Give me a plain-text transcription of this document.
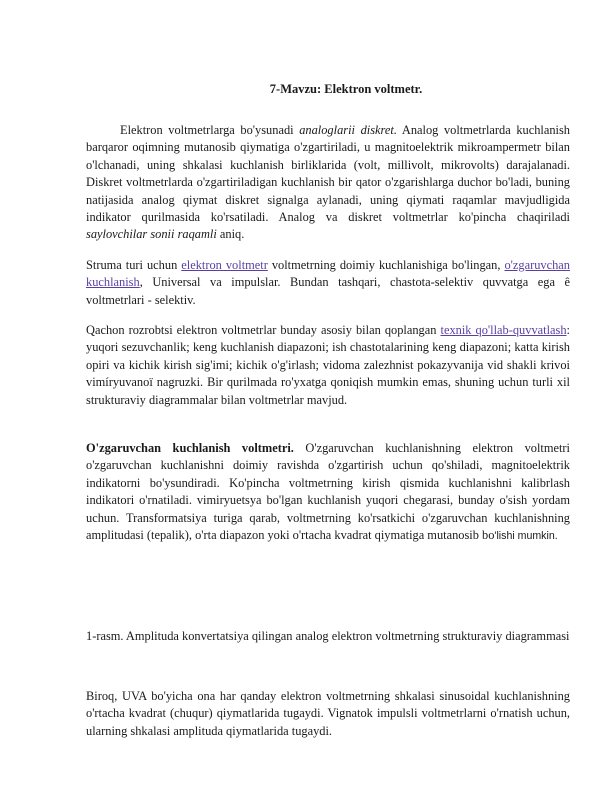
7-Mavzu: Elektron voltmetr.
Elektron voltmetrlarga bo'ysunadi analoglarii diskret. Analog voltmetrlarda kuchlanish barqaror oqimning mutanosib qiymatiga o'zgartiriladi, u magnitoelektrik mikroampermetr bilan o'lchanadi, uning shkalasi kuchlanish birliklarida (volt, millivolt, mikrovolts) darajalanadi. Diskret voltmetrlarda o'zgartiriladigan kuchlanish bir qator o'zgarishlarga duchor bo'ladi, buning natijasida analog qiymat diskret signalga aylanadi, uning qiymati raqamlar mavjudligida indikator qurilmasida ko'rsatiladi. Analog va diskret voltmetrlar ko'pincha chaqiriladi saylovchilar sonii raqamli aniq.
Struma turi uchun elektron voltmetr voltmetrning doimiy kuchlanishiga bo'lingan, o'zgaruvchan kuchlanish, Universal va impulslar. Bundan tashqari, chastota-selektiv quvvatga ega ê voltmetrlari - selektiv.
Qachon rozrobtsi elektron voltmetrlar bunday asosiy bilan qoplangan texnik qo'llab-quvvatlash: yuqori sezuvchanlik; keng kuchlanish diapazoni; ish chastotalarining keng diapazoni; katta kirish opiri va kichik kirish sig'imi; kichik o'g'irlash; vidoma zalezhnist pokazyvanija vid shakli krivoi vimíryuvanoї nagruzki. Bir qurilmada ro'yxatga qoniqish mumkin emas, shuning uchun turli xil strukturaviy diagrammalar bilan voltmetrlar mavjud.
O'zgaruvchan kuchlanish voltmetri. O'zgaruvchan kuchlanishning elektron voltmetri o'zgaruvchan kuchlanishni doimiy ravishda o'zgartirish uchun qo'shiladi, magnitoelektrik indikatorni bo'ysundiradi. Ko'pincha voltmetrning kirish qismida kuchlanishni kalibrlash indikatori o'rnatiladi. vimiryuetsya bo'lgan kuchlanish yuqori chegarasi, bunday o'sish yordam uchun. Transformatsiya turiga qarab, voltmetrning ko'rsatkichi o'zgaruvchan kuchlanishning amplitudasi (tepalik), o'rta diapazon yoki o'rtacha kvadrat qiymatiga mutanosib bo'lishi mumkin.
1-rasm. Amplituda konvertatsiya qilingan analog elektron voltmetrning strukturaviy diagrammasi
Biroq, UVA bo'yicha ona har qanday elektron voltmetrning shkalasi sinusoidal kuchlanishning o'rtacha kvadrat (chuqur) qiymatlarida tugaydi. Vignatok impulsli voltmetrlarni o'rnatish uchun, ularning shkalasi amplituda qiymatlarida tugaydi.
